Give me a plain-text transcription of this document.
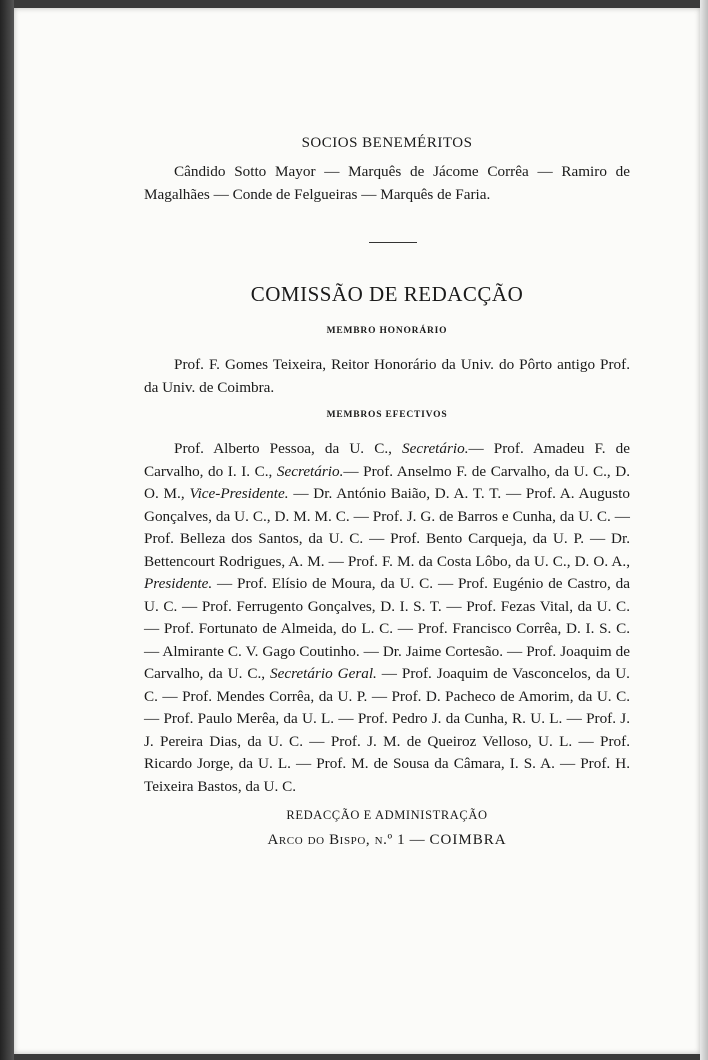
SOCIOS BENEMÉRITOS

Cândido Sotto Mayor — Marquês de Jácome Corrêa — Ramiro de Magalhães — Conde de Felgueiras — Marquês de Faria.

COMISSÃO DE REDACÇÃO
MEMBRO HONORÁRIO

Prof. F. Gomes Teixeira, Reitor Honorário da Univ. do Pôrto antigo Prof. da Univ. de Coimbra.

MEMBROS EFECTIVOS

Prof. Alberto Pessoa, da U. C., Secretário.— Prof. Amadeu F. de Carvalho, do I. I. C., Secretário.— Prof. Anselmo F. de Carvalho, da U. C., D. O. M., Vice-Presidente. — Dr. António Baião, D. A. T. T. — Prof. A. Augusto Gonçalves, da U. C., D. M. M. C. — Prof. J. G. de Barros e Cunha, da U. C. — Prof. Belleza dos Santos, da U. C. — Prof. Bento Carqueja, da U. P. — Dr. Bettencourt Rodrigues, A. M. — Prof. F. M. da Costa Lôbo, da U. C., D. O. A., Presidente. — Prof. Elísio de Moura, da U. C. — Prof. Eugénio de Castro, da U. C. — Prof. Ferrugento Gonçalves, D. I. S. T. — Prof. Fezas Vital, da U. C. — Prof. Fortunato de Almeida, do L. C. — Prof. Francisco Corrêa, D. I. S. C. — Almirante C. V. Gago Coutinho. — Dr. Jaime Cortesão. — Prof. Joaquim de Carvalho, da U. C., Secretário Geral. — Prof. Joaquim de Vasconcelos, da U. C. — Prof. Mendes Corrêa, da U. P. — Prof. D. Pacheco de Amorim, da U. C. — Prof. Paulo Merêa, da U. L. — Prof. Pedro J. da Cunha, R. U. L. — Prof. J. J. Pereira Dias, da U. C. — Prof. J. M. de Queiroz Velloso, U. L. — Prof. Ricardo Jorge, da U. L. — Prof. M. de Sousa da Câmara, I. S. A. — Prof. H. Teixeira Bastos, da U. C.

REDACÇÃO E ADMINISTRAÇÃO
Arco do Bispo, n.º 1 — COIMBRA
